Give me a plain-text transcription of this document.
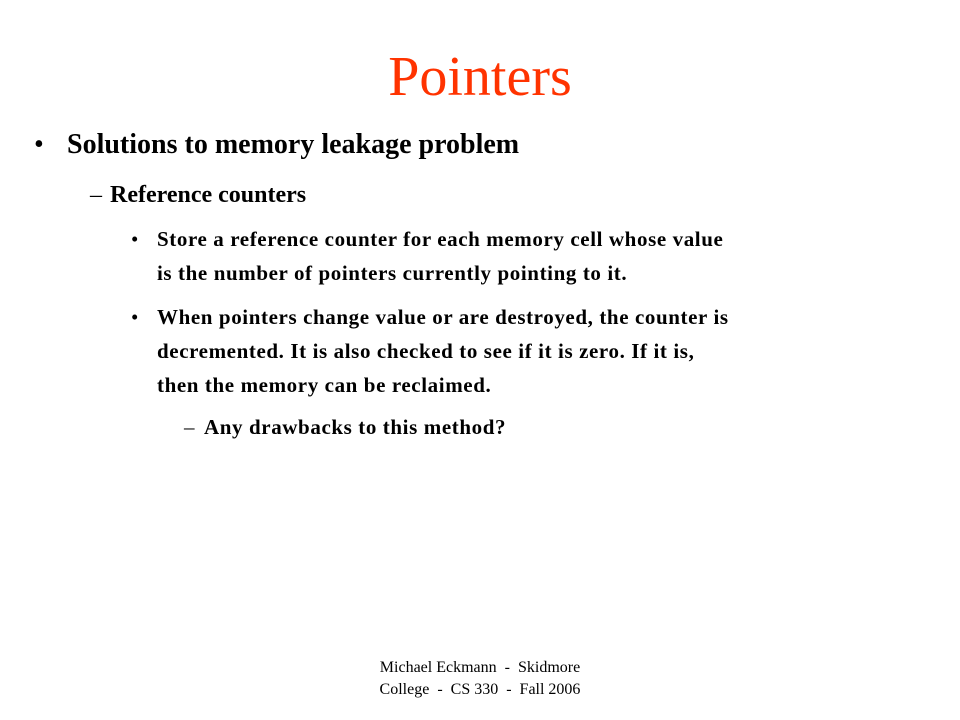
Pointers
• Solutions to memory leakage problem
– Reference counters
• Store a reference counter for each memory cell whose value
is the number of pointers currently pointing to it.
• When pointers change value or are destroyed, the counter is
decremented. It is also checked to see if it is zero. If it is,
then the memory can be reclaimed.
– Any drawbacks to this method?
Michael Eckmann  -  Skidmore
College  -  CS 330  -  Fall 2006
